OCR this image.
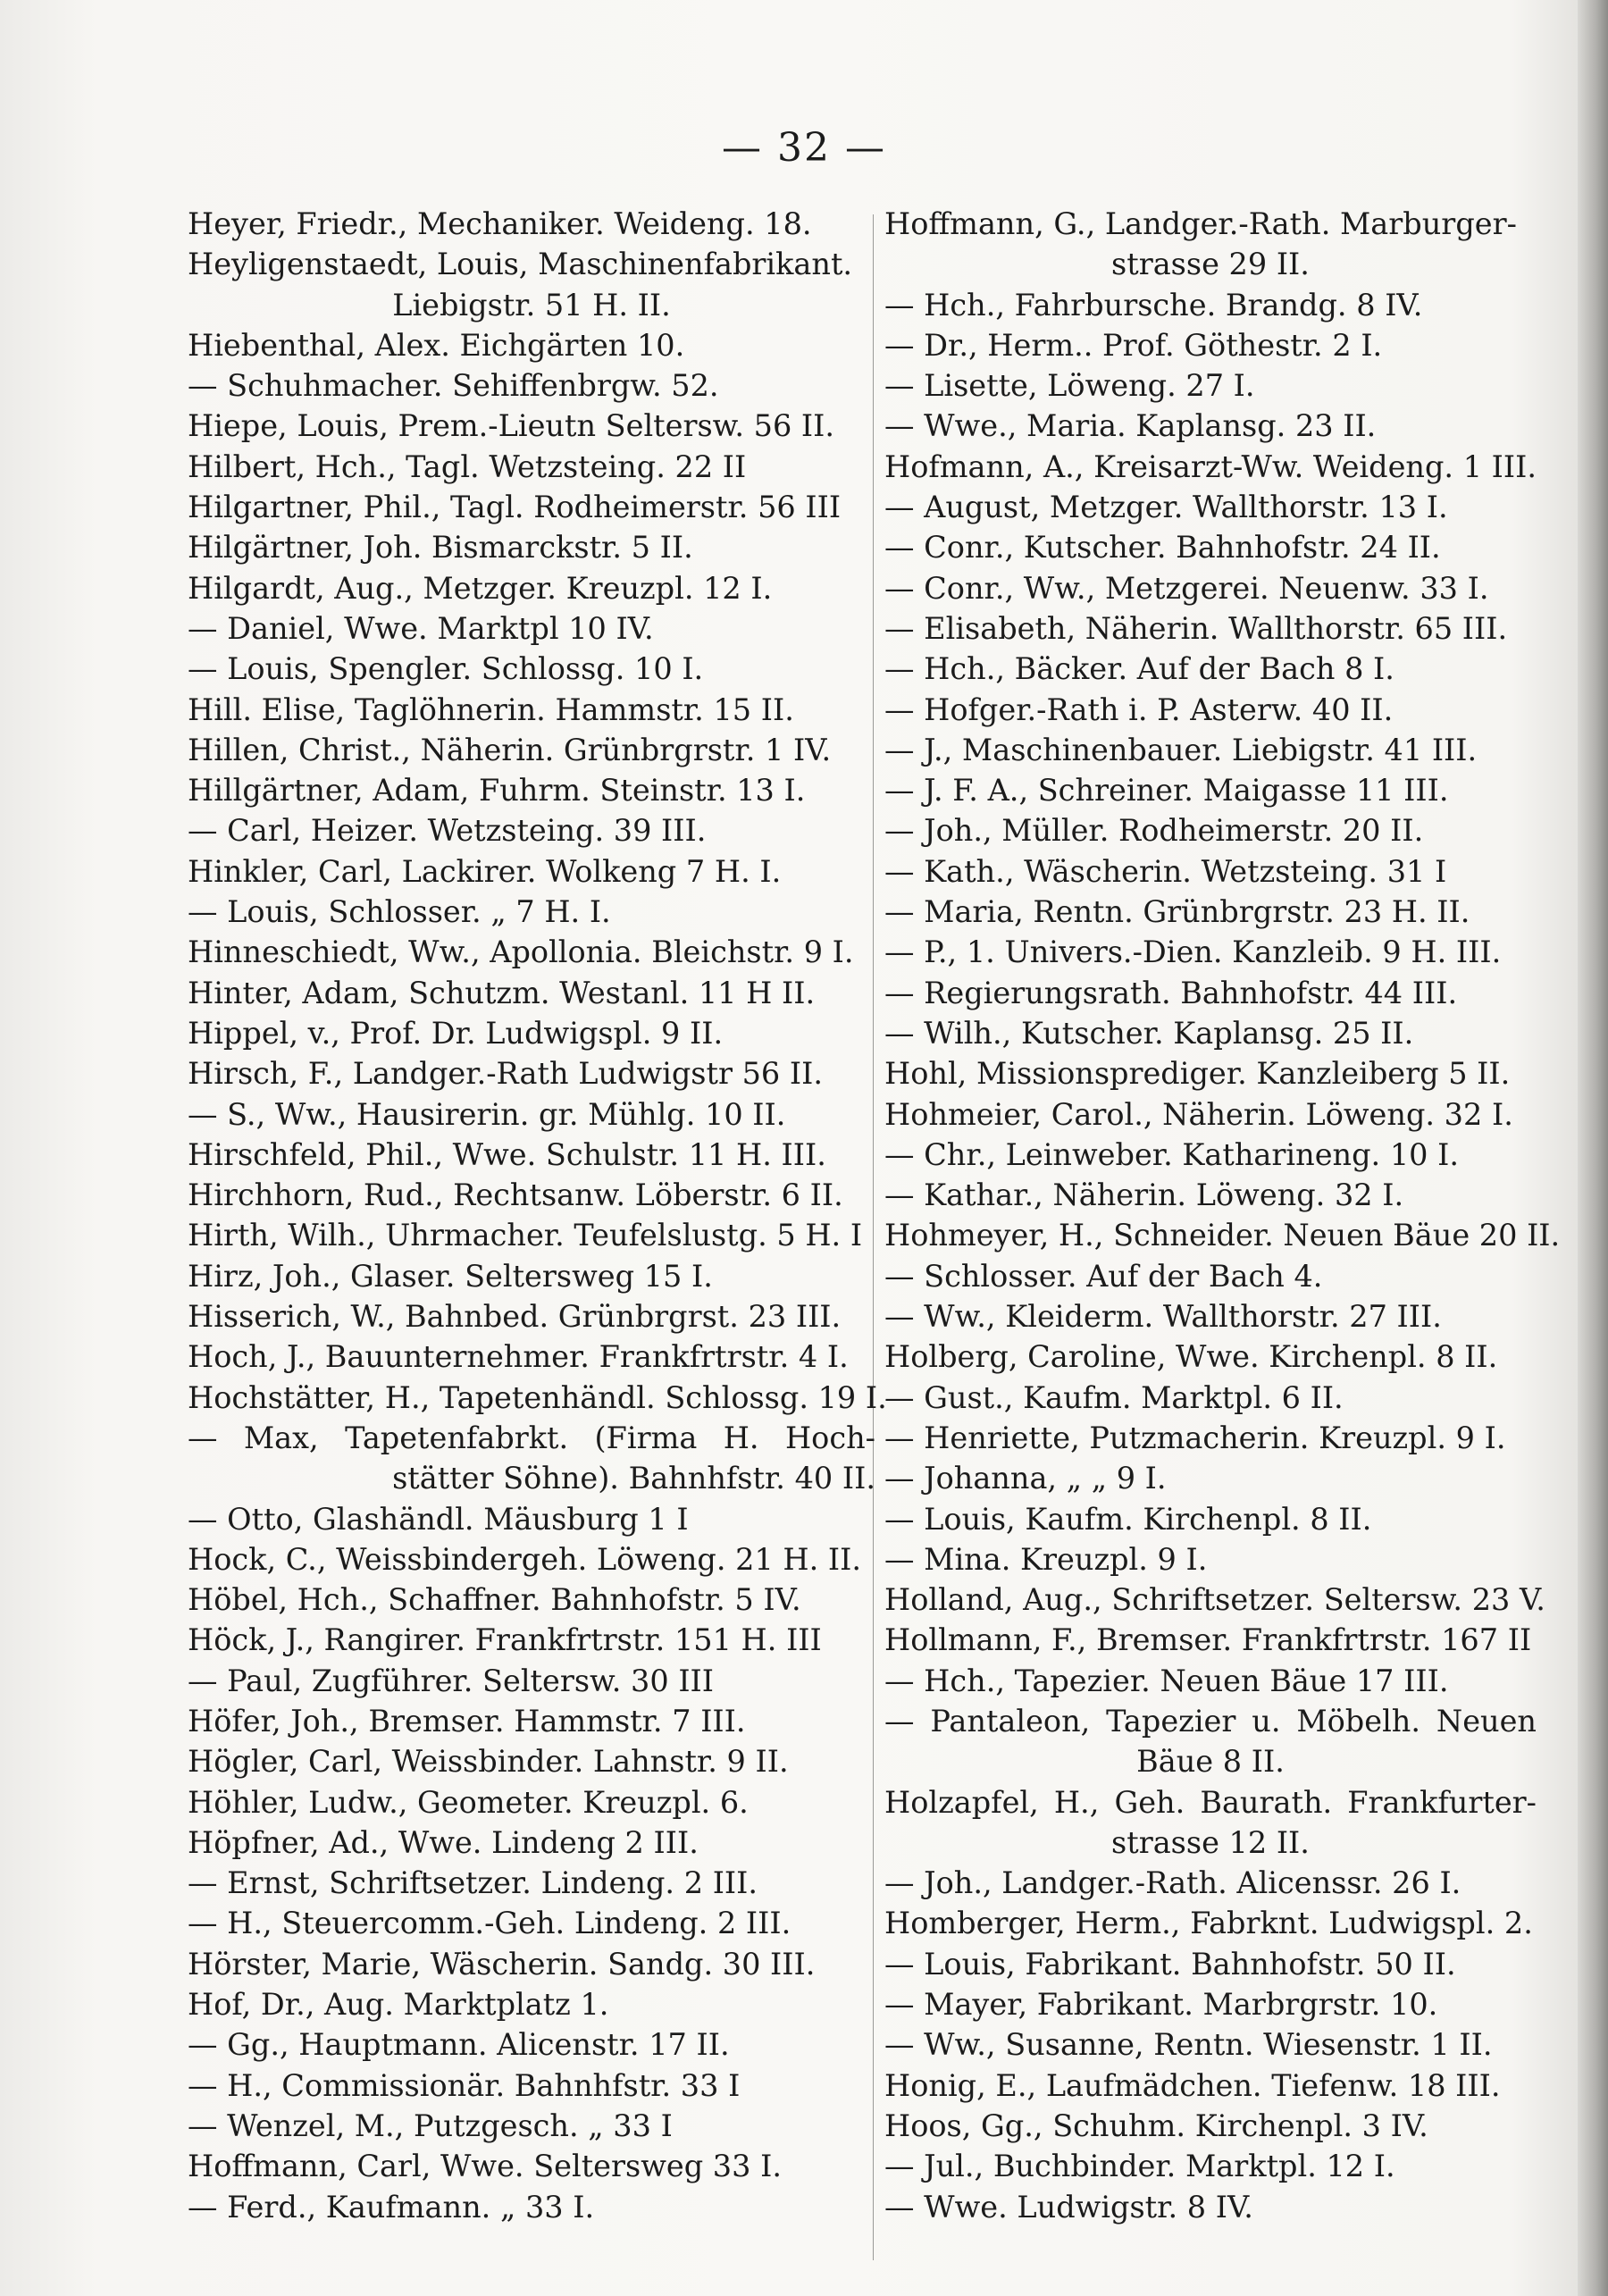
— 32 —
Heyer, Friedr., Mechaniker. Weideng. 18.
Heyligenstaedt, Louis, Maschinenfabrikant.
Liebigstr. 51 H. II.
Hiebenthal, Alex. Eichgärten 10.
— Schuhmacher. Sehiffenbrgw. 52.
Hiepe, Louis, Prem.-Lieutn Seltersw. 56 II.
Hilbert, Hch., Tagl. Wetzsteing. 22 II
Hilgartner, Phil., Tagl. Rodheimerstr. 56 III
Hilgärtner, Joh. Bismarckstr. 5 II.
Hilgardt, Aug., Metzger. Kreuzpl. 12 I.
— Daniel, Wwe. Marktpl 10 IV.
— Louis, Spengler. Schlossg. 10 I.
Hill. Elise, Taglöhnerin. Hammstr. 15 II.
Hillen, Christ., Näherin. Grünbrgrstr. 1 IV.
Hillgärtner, Adam, Fuhrm. Steinstr. 13 I.
— Carl, Heizer. Wetzsteing. 39 III.
Hinkler, Carl, Lackirer. Wolkeng 7 H. I.
— Louis, Schlosser. „ 7 H. I.
Hinneschiedt, Ww., Apollonia. Bleichstr. 9 I.
Hinter, Adam, Schutzm. Westanl. 11 H II.
Hippel, v., Prof. Dr. Ludwigspl. 9 II.
Hirsch, F., Landger.-Rath Ludwigstr 56 II.
— S., Ww., Hausirerin. gr. Mühlg. 10 II.
Hirschfeld, Phil., Wwe. Schulstr. 11 H. III.
Hirchhorn, Rud., Rechtsanw. Löberstr. 6 II.
Hirth, Wilh., Uhrmacher. Teufelslustg. 5 H. I
Hirz, Joh., Glaser. Seltersweg 15 I.
Hisserich, W., Bahnbed. Grünbrgrst. 23 III.
Hoch, J., Bauunternehmer. Frankfrtrstr. 4 I.
Hochstätter, H., Tapetenhändl. Schlossg. 19 I.
— Max, Tapetenfabrkt. (Firma H. Hoch-
stätter Söhne). Bahnhfstr. 40 II.
— Otto, Glashändl. Mäusburg 1 I
Hock, C., Weissbindergeh. Löweng. 21 H. II.
Höbel, Hch., Schaffner. Bahnhofstr. 5 IV.
Höck, J., Rangirer. Frankfrtrstr. 151 H. III
— Paul, Zugführer. Seltersw. 30 III
Höfer, Joh., Bremser. Hammstr. 7 III.
Högler, Carl, Weissbinder. Lahnstr. 9 II.
Höhler, Ludw., Geometer. Kreuzpl. 6.
Höpfner, Ad., Wwe. Lindeng 2 III.
— Ernst, Schriftsetzer. Lindeng. 2 III.
— H., Steuercomm.-Geh. Lindeng. 2 III.
Hörster, Marie, Wäscherin. Sandg. 30 III.
Hof, Dr., Aug. Marktplatz 1.
— Gg., Hauptmann. Alicenstr. 17 II.
— H., Commissionär. Bahnhfstr. 33 I
— Wenzel, M., Putzgesch. „ 33 I
Hoffmann, Carl, Wwe. Seltersweg 33 I.
— Ferd., Kaufmann. „ 33 I.
Hoffmann, G., Landger.-Rath. Marburger-
strasse 29 II.
— Hch., Fahrbursche. Brandg. 8 IV.
— Dr., Herm.. Prof. Göthestr. 2 I.
— Lisette, Löweng. 27 I.
— Wwe., Maria. Kaplansg. 23 II.
Hofmann, A., Kreisarzt-Ww. Weideng. 1 III.
— August, Metzger. Wallthorstr. 13 I.
— Conr., Kutscher. Bahnhofstr. 24 II.
— Conr., Ww., Metzgerei. Neuenw. 33 I.
— Elisabeth, Näherin. Wallthorstr. 65 III.
— Hch., Bäcker. Auf der Bach 8 I.
— Hofger.-Rath i. P. Asterw. 40 II.
— J., Maschinenbauer. Liebigstr. 41 III.
— J. F. A., Schreiner. Maigasse 11 III.
— Joh., Müller. Rodheimerstr. 20 II.
— Kath., Wäscherin. Wetzsteing. 31 I
— Maria, Rentn. Grünbrgrstr. 23 H. II.
— P., 1. Univers.-Dien. Kanzleib. 9 H. III.
— Regierungsrath. Bahnhofstr. 44 III.
— Wilh., Kutscher. Kaplansg. 25 II.
Hohl, Missionsprediger. Kanzleiberg 5 II.
Hohmeier, Carol., Näherin. Löweng. 32 I.
— Chr., Leinweber. Katharineng. 10 I.
— Kathar., Näherin. Löweng. 32 I.
Hohmeyer, H., Schneider. Neuen Bäue 20 II.
— Schlosser. Auf der Bach 4.
— Ww., Kleiderm. Wallthorstr. 27 III.
Holberg, Caroline, Wwe. Kirchenpl. 8 II.
— Gust., Kaufm. Marktpl. 6 II.
— Henriette, Putzmacherin. Kreuzpl. 9 I.
— Johanna, „ „ 9 I.
— Louis, Kaufm. Kirchenpl. 8 II.
— Mina. Kreuzpl. 9 I.
Holland, Aug., Schriftsetzer. Seltersw. 23 V.
Hollmann, F., Bremser. Frankfrtrstr. 167 II
— Hch., Tapezier. Neuen Bäue 17 III.
— Pantaleon, Tapezier u. Möbelh. Neuen
Bäue 8 II.
Holzapfel, H., Geh. Baurath. Frankfurter-
strasse 12 II.
— Joh., Landger.-Rath. Alicenssr. 26 I.
Homberger, Herm., Fabrknt. Ludwigspl. 2.
— Louis, Fabrikant. Bahnhofstr. 50 II.
— Mayer, Fabrikant. Marbrgrstr. 10.
— Ww., Susanne, Rentn. Wiesenstr. 1 II.
Honig, E., Laufmädchen. Tiefenw. 18 III.
Hoos, Gg., Schuhm. Kirchenpl. 3 IV.
— Jul., Buchbinder. Marktpl. 12 I.
— Wwe. Ludwigstr. 8 IV.
